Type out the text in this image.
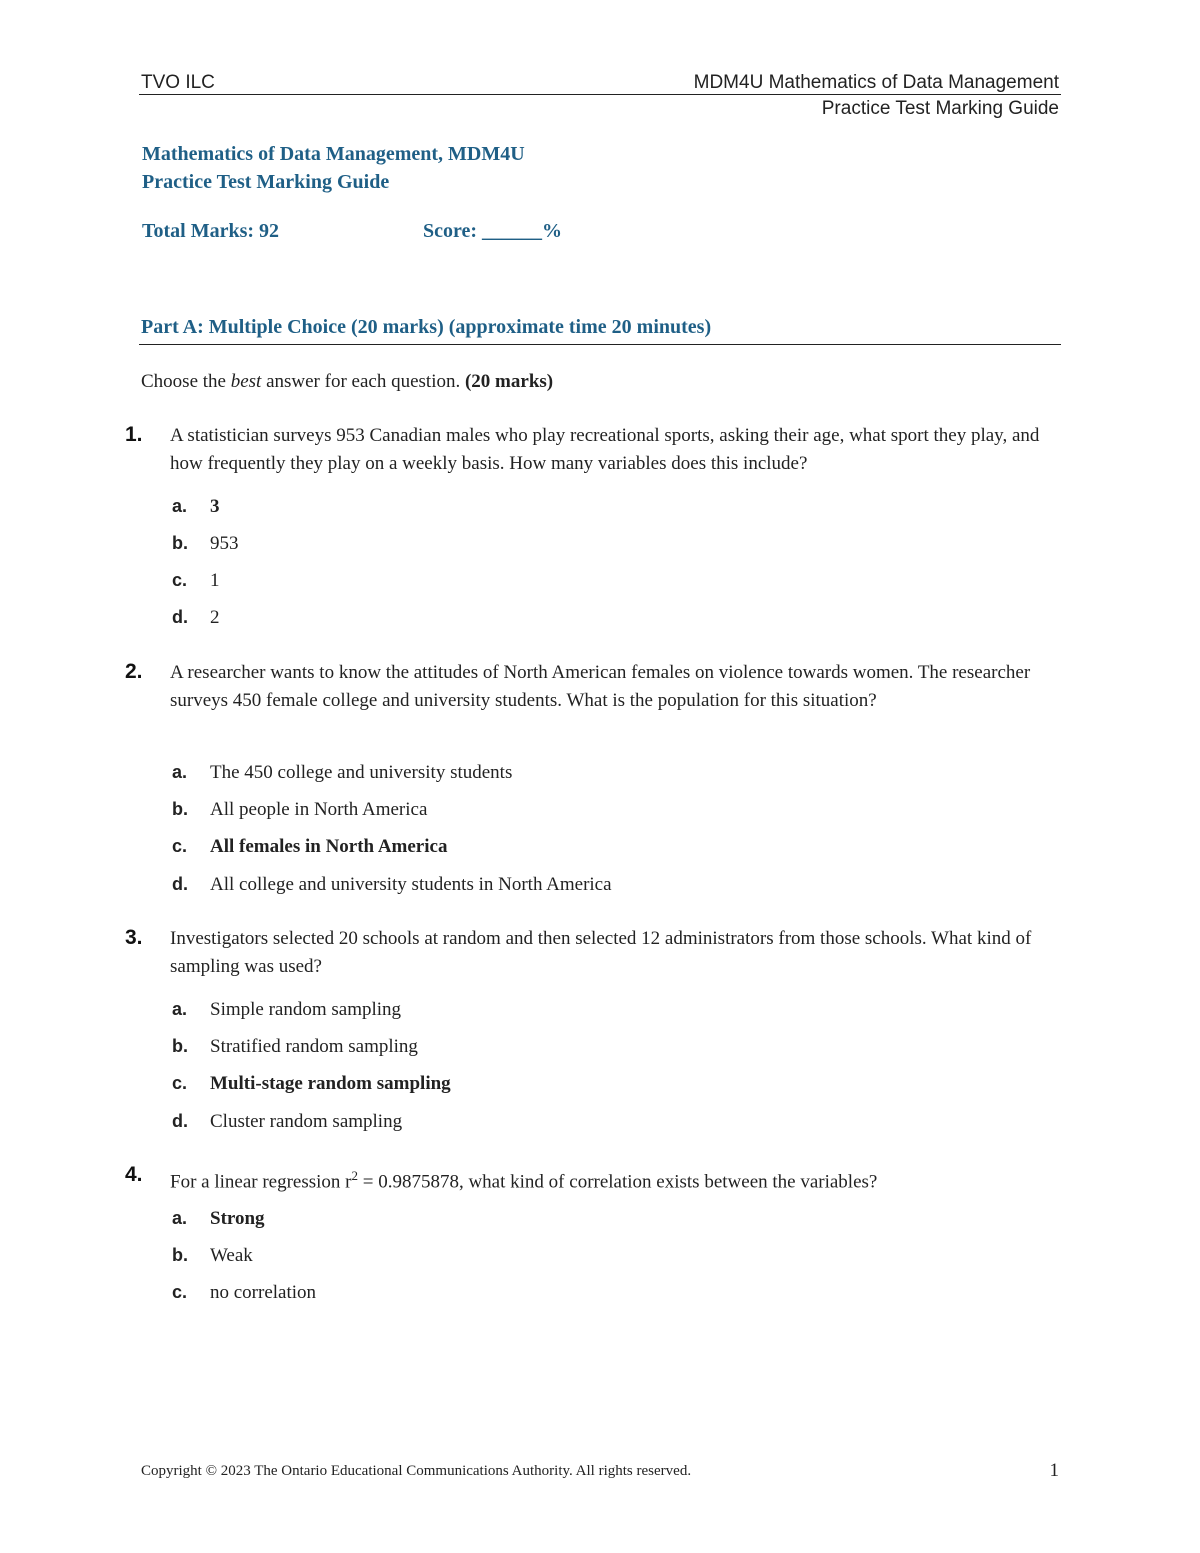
TVO ILC	MDM4U Mathematics of Data Management
Practice Test Marking Guide
Mathematics of Data Management, MDM4U
Practice Test Marking Guide
Total Marks: 92	Score: ______%
Part A: Multiple Choice (20 marks) (approximate time 20 minutes)
Choose the best answer for each question. (20 marks)
1. A statistician surveys 953 Canadian males who play recreational sports, asking their age, what sport they play, and how frequently they play on a weekly basis. How many variables does this include?
a. 3
b. 953
c. 1
d. 2
2. A researcher wants to know the attitudes of North American females on violence towards women. The researcher surveys 450 female college and university students. What is the population for this situation?
a. The 450 college and university students
b. All people in North America
c. All females in North America
d. All college and university students in North America
3. Investigators selected 20 schools at random and then selected 12 administrators from those schools. What kind of sampling was used?
a. Simple random sampling
b. Stratified random sampling
c. Multi-stage random sampling
d. Cluster random sampling
4. For a linear regression $r^2 = 0.9875878$, what kind of correlation exists between the variables?
a. Strong
b. Weak
c. no correlation
Copyright © 2023 The Ontario Educational Communications Authority. All rights reserved.	1
